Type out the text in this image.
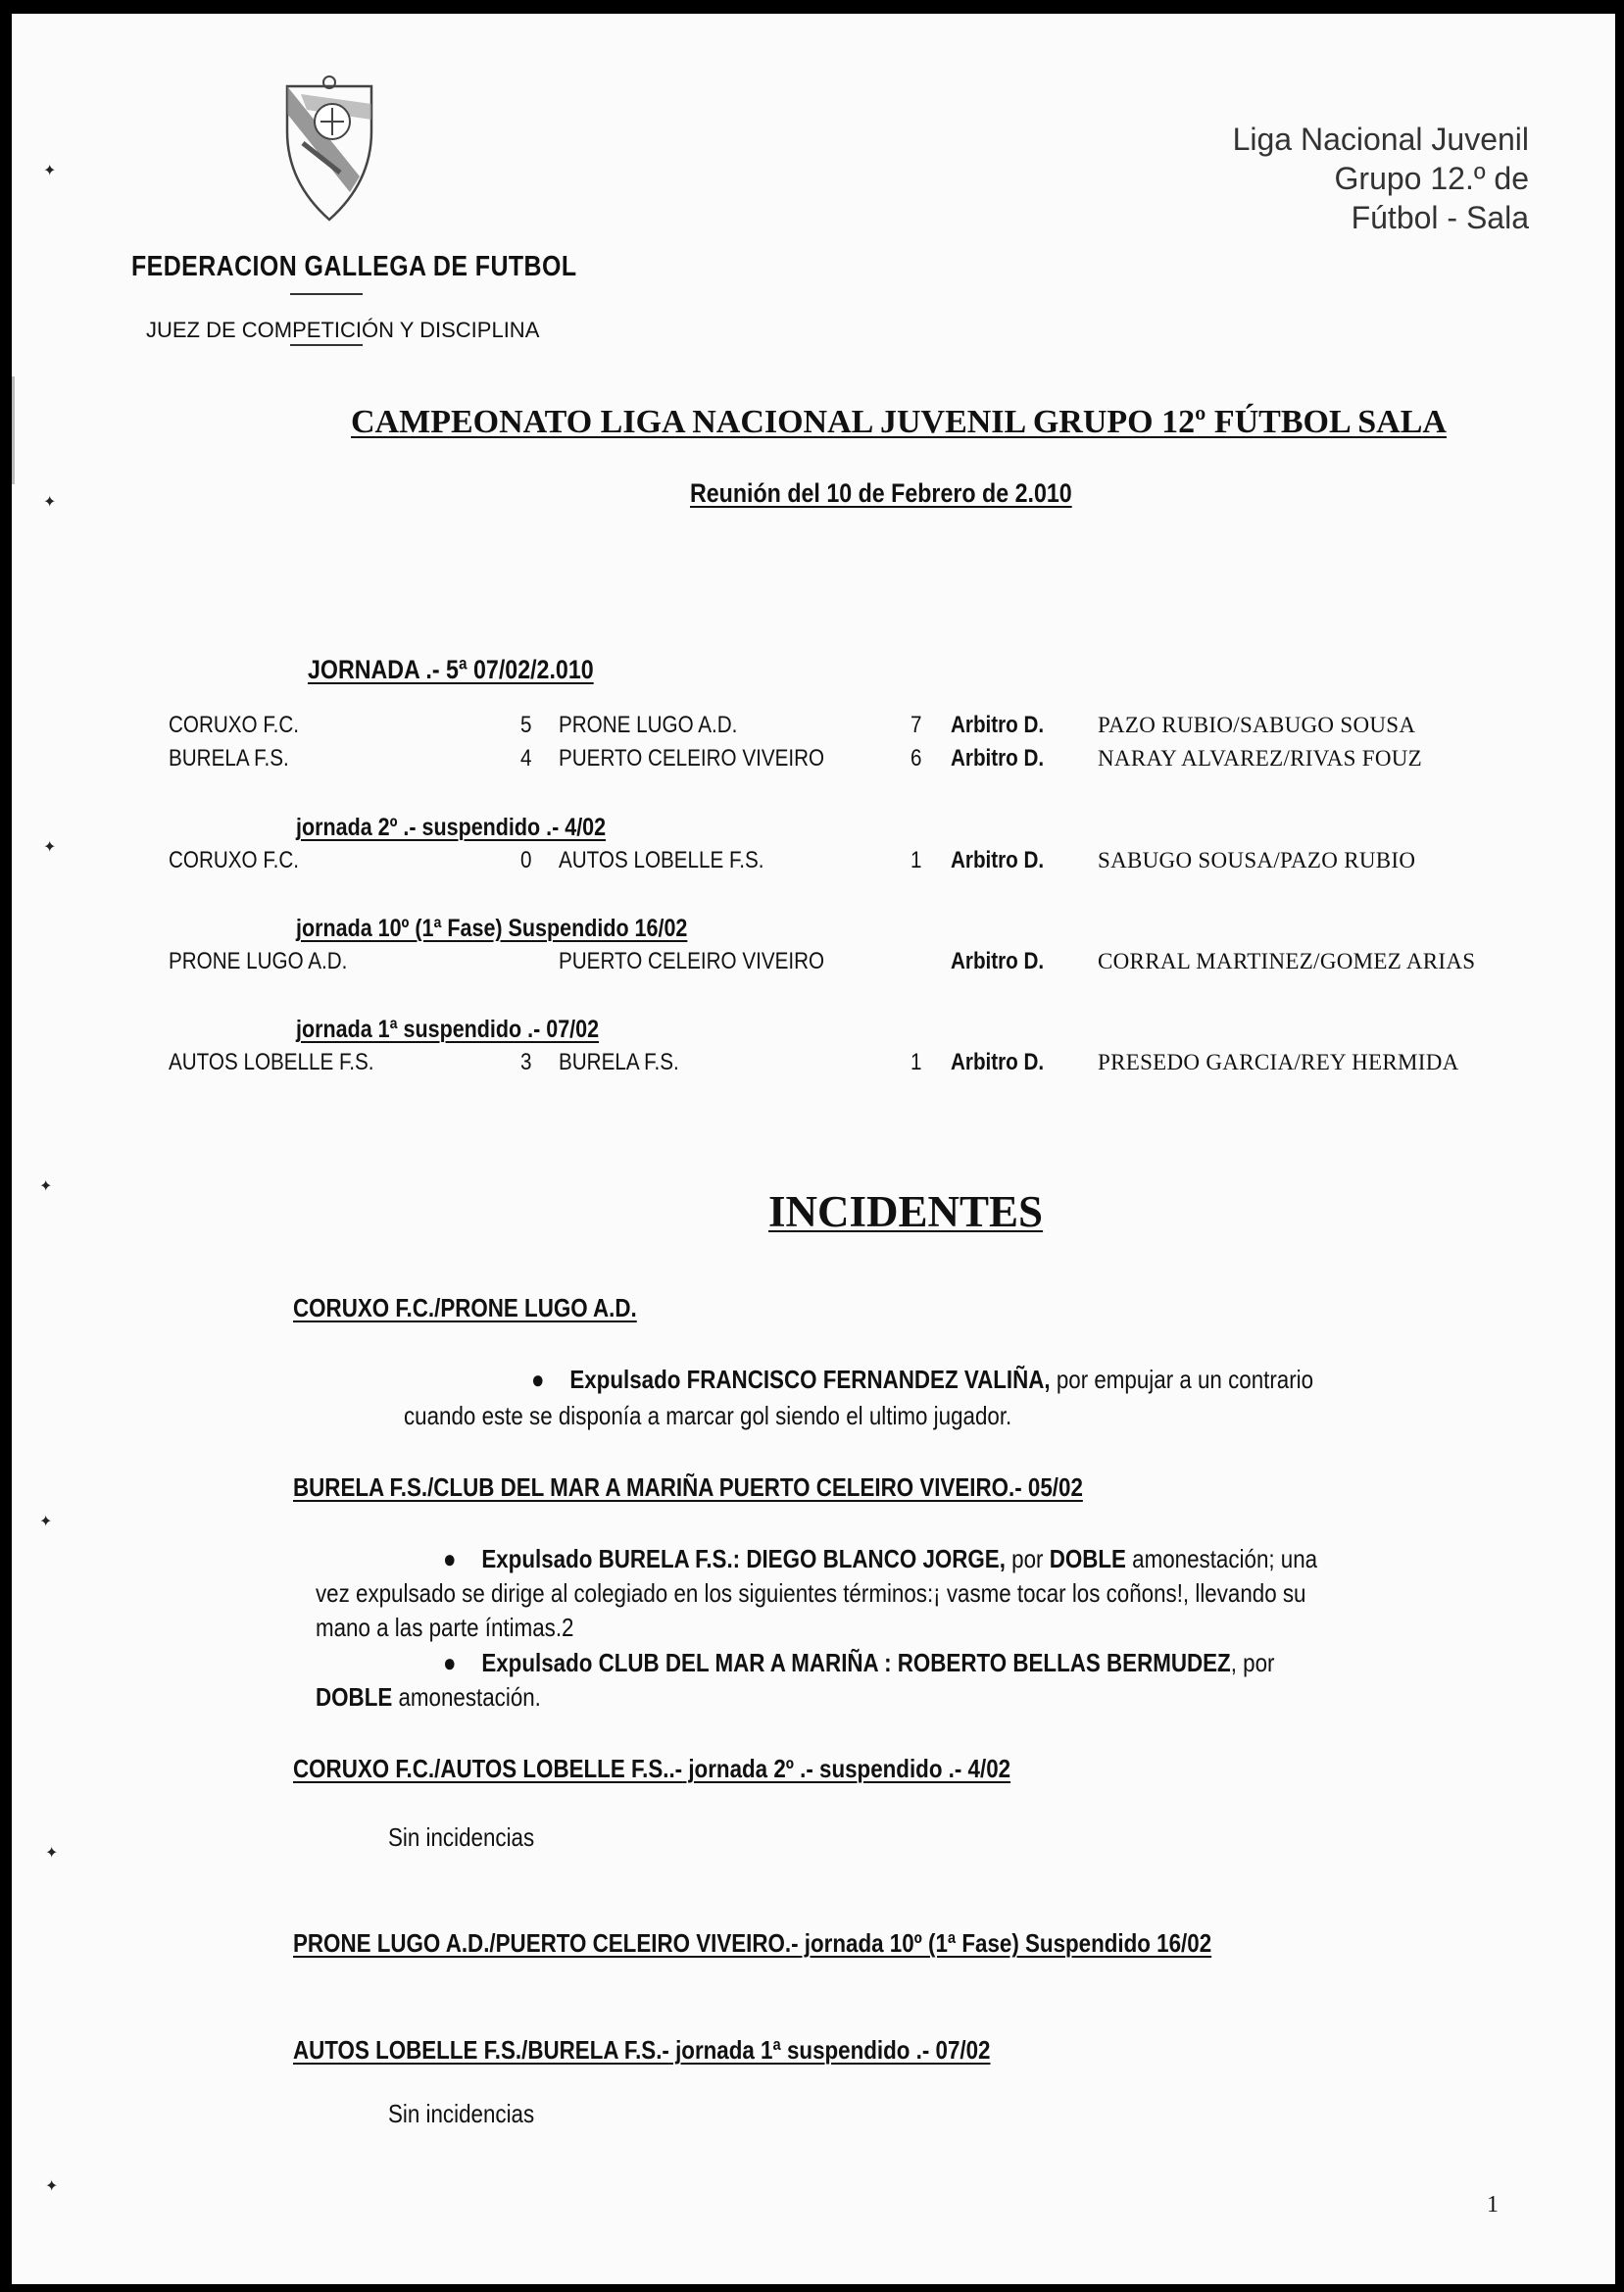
FEDERACION GALLEGA DE FUTBOL
JUEZ DE COMPETICIÓN Y DISCIPLINA
Liga Nacional Juvenil
Grupo 12.º de
Fútbol - Sala
CAMPEONATO LIGA NACIONAL JUVENIL GRUPO 12º FÚTBOL SALA
Reunión del 10 de Febrero de 2.010
JORNADA .- 5ª 07/02/2.010
CORUXO F.C.	5 PRONE LUGO A.D.	7 Arbitro D. PAZO RUBIO/SABUGO SOUSA
BURELA F.S.	4 PUERTO CELEIRO VIVEIRO	6 Arbitro D. NARAY ALVAREZ/RIVAS FOUZ
jornada 2º .- suspendido .- 4/02
CORUXO F.C.	0 AUTOS LOBELLE F.S.	1 Arbitro D. SABUGO SOUSA/PAZO RUBIO
jornada 10º (1ª Fase) Suspendido 16/02
PRONE LUGO A.D.	PUERTO CELEIRO VIVEIRO	Arbitro D. CORRAL MARTINEZ/GOMEZ ARIAS
jornada 1ª suspendido .- 07/02
AUTOS LOBELLE F.S.	3 BURELA F.S.	1 Arbitro D. PRESEDO GARCIA/REY HERMIDA
INCIDENTES
CORUXO F.C./PRONE LUGO A.D.
● Expulsado FRANCISCO FERNANDEZ VALIÑA, por empujar a un contrario
cuando este se disponía a marcar gol siendo el ultimo jugador.
BURELA F.S./CLUB DEL MAR A MARIÑA PUERTO CELEIRO VIVEIRO.- 05/02
● Expulsado BURELA F.S.: DIEGO BLANCO JORGE, por DOBLE amonestación; una
vez expulsado se dirige al colegiado en los siguientes términos:¡ vasme tocar los coñons!, llevando su
mano a las parte íntimas.2
● Expulsado CLUB DEL MAR A MARIÑA : ROBERTO BELLAS BERMUDEZ, por
DOBLE amonestación.
CORUXO F.C./AUTOS LOBELLE F.S..- jornada 2º .- suspendido .- 4/02
Sin incidencias
PRONE LUGO A.D./PUERTO CELEIRO VIVEIRO.- jornada 10º (1ª Fase) Suspendido 16/02
AUTOS LOBELLE F.S./BURELA F.S.- jornada 1ª suspendido .- 07/02
Sin incidencias
1
✦
✦
✦
✦
✦
✦
✦
